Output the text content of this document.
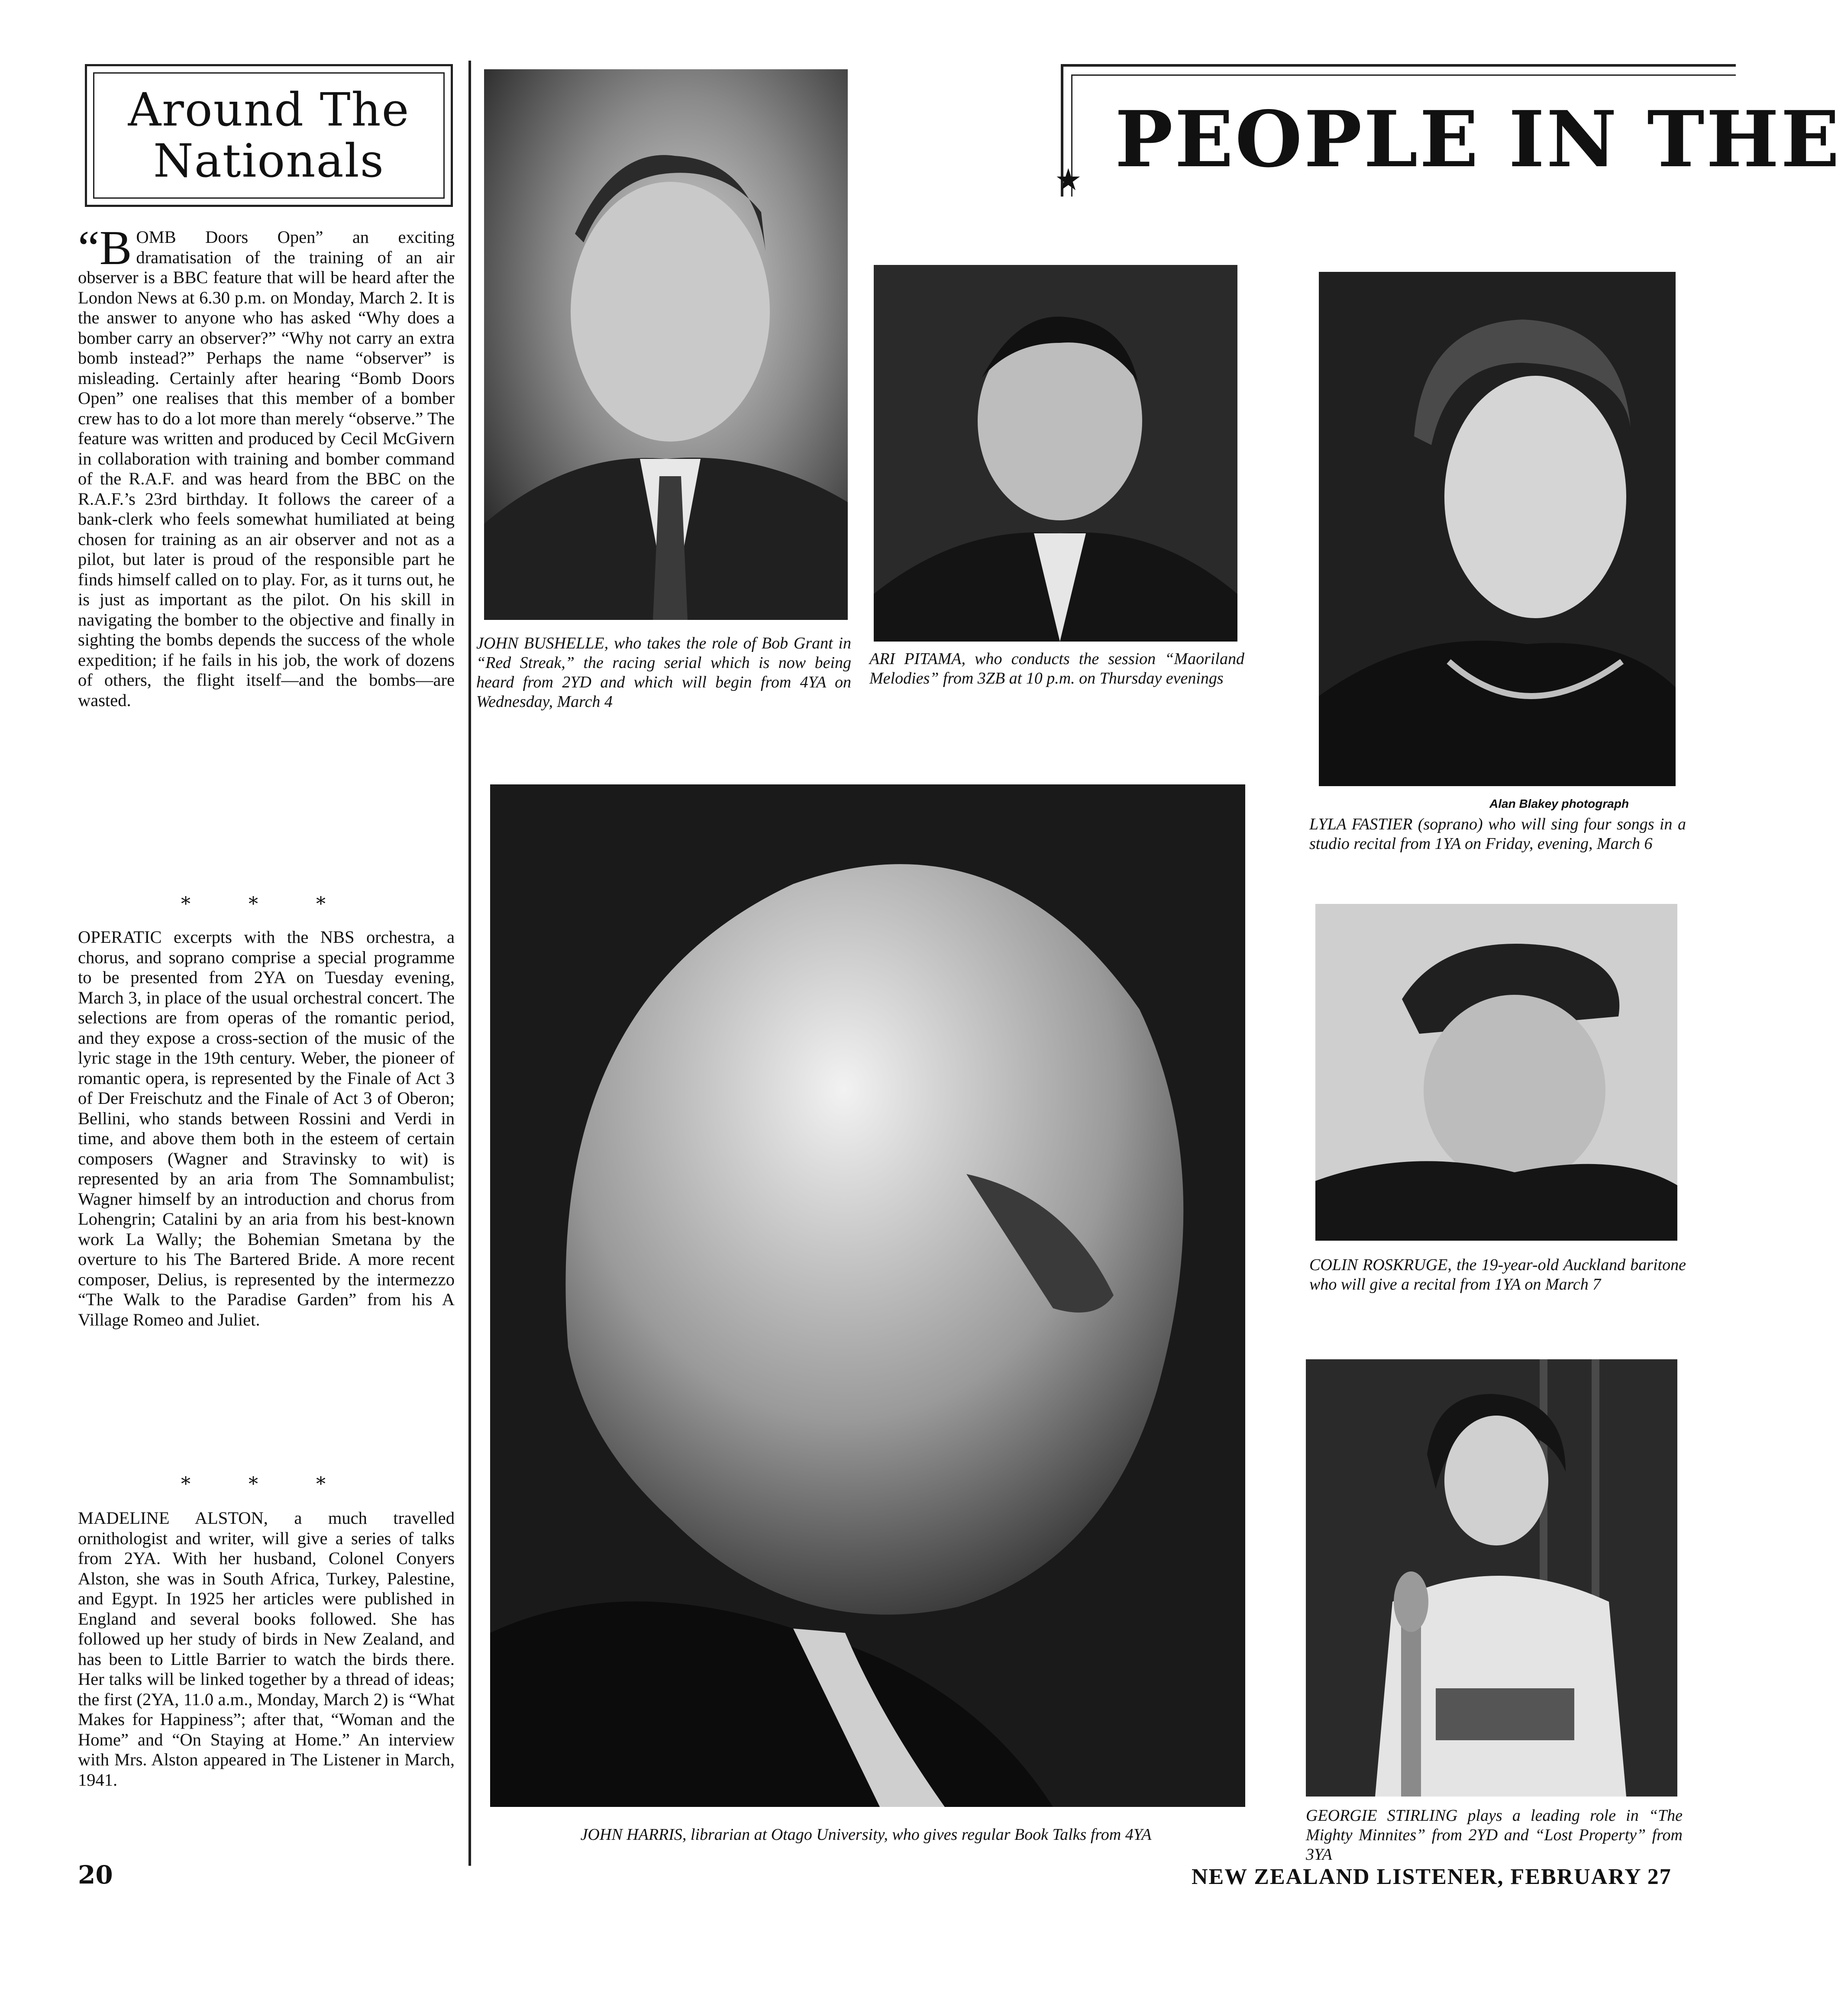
Around The
Nationals

“BOMB Doors Open” an exciting dramatisation of the training of an air observer is a BBC feature that will be heard after the London News at 6.30 p.m. on Monday, March 2. It is the answer to anyone who has asked “Why does a bomber carry an observer?” “Why not carry an extra bomb instead?” Perhaps the name “observer” is misleading. Certainly after hearing “Bomb Doors Open” one realises that this member of a bomber crew has to do a lot more than merely “observe.” The feature was written and produced by Cecil McGivern in collaboration with training and bomber command of the R.A.F. and was heard from the BBC on the R.A.F.’s 23rd birthday. It follows the career of a bank-clerk who feels somewhat humiliated at being chosen for training as an air observer and not as a pilot, but later is proud of the responsible part he finds himself called on to play. For, as it turns out, he is just as important as the pilot. On his skill in navigating the bomber to the objective and finally in sighting the bombs depends the success of the whole expedition; if he fails in his job, the work of dozens of others, the flight itself—and the bombs—are wasted.

* * *

OPERATIC excerpts with the NBS orchestra, a chorus, and soprano comprise a special programme to be presented from 2YA on Tuesday evening, March 3, in place of the usual orchestral concert. The selections are from operas of the romantic period, and they expose a cross-section of the music of the lyric stage in the 19th century. Weber, the pioneer of romantic opera, is represented by the Finale of Act 3 of Der Freischutz and the Finale of Act 3 of Oberon; Bellini, who stands between Rossini and Verdi in time, and above them both in the esteem of certain composers (Wagner and Stravinsky to wit) is represented by an aria from The Somnambulist; Wagner himself by an introduction and chorus from Lohengrin; Catalini by an aria from his best-known work La Wally; the Bohemian Smetana by the overture to his The Bartered Bride. A more recent composer, Delius, is represented by the intermezzo “The Walk to the Paradise Garden” from his A Village Romeo and Juliet.

* * *

MADELINE ALSTON, a much travelled ornithologist and writer, will give a series of talks from 2YA. With her husband, Colonel Conyers Alston, she was in South Africa, Turkey, Palestine, and Egypt. In 1925 her articles were published in England and several books followed. She has followed up her study of birds in New Zealand, and has been to Little Barrier to watch the birds there. Her talks will be linked together by a thread of ideas; the first (2YA, 11.0 a.m., Monday, March 2) is “What Makes for Happiness”; after that, “Woman and the Home” and “On Staying at Home.” An interview with Mrs. Alston appeared in The Listener in March, 1941.

PEOPLE IN THE
★
Alan Blakey photograph
JOHN BUSHELLE, who takes the role of Bob Grant in “Red Streak,” the racing serial which is now being heard from 2YD and which will begin from 4YA on Wednesday, March 4
ARI PITAMA, who conducts the session “Maoriland Melodies” from 3ZB at 10 p.m. on Thursday evenings
LYLA FASTIER (soprano) who will sing four songs in a studio recital from 1YA on Friday, evening, March 6
COLIN ROSKRUGE, the 19-year-old Auckland baritone who will give a recital from 1YA on March 7
JOHN HARRIS, librarian at Otago University, who gives regular Book Talks from 4YA
GEORGIE STIRLING plays a leading role in “The Mighty Minnites” from 2YD and “Lost Property” from 3YA
20	NEW ZEALAND LISTENER, FEBRUARY 27
